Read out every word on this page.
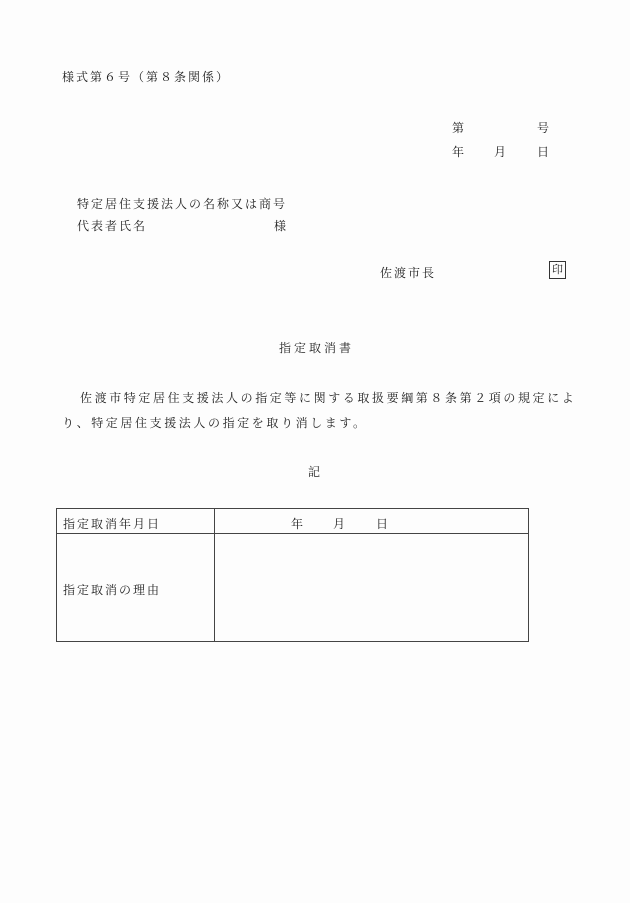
様式第６号（第８条関係）
第	号
年 月 日
特定居住支援法人の名称又は商号
代表者氏名	様
佐渡市長	印
指定取消書
佐渡市特定居住支援法人の指定等に関する取扱要綱第８条第２項の規定によ
り、特定居住支援法人の指定を取り消します。
記
指定取消年月日	年 月 日
指定取消の理由
